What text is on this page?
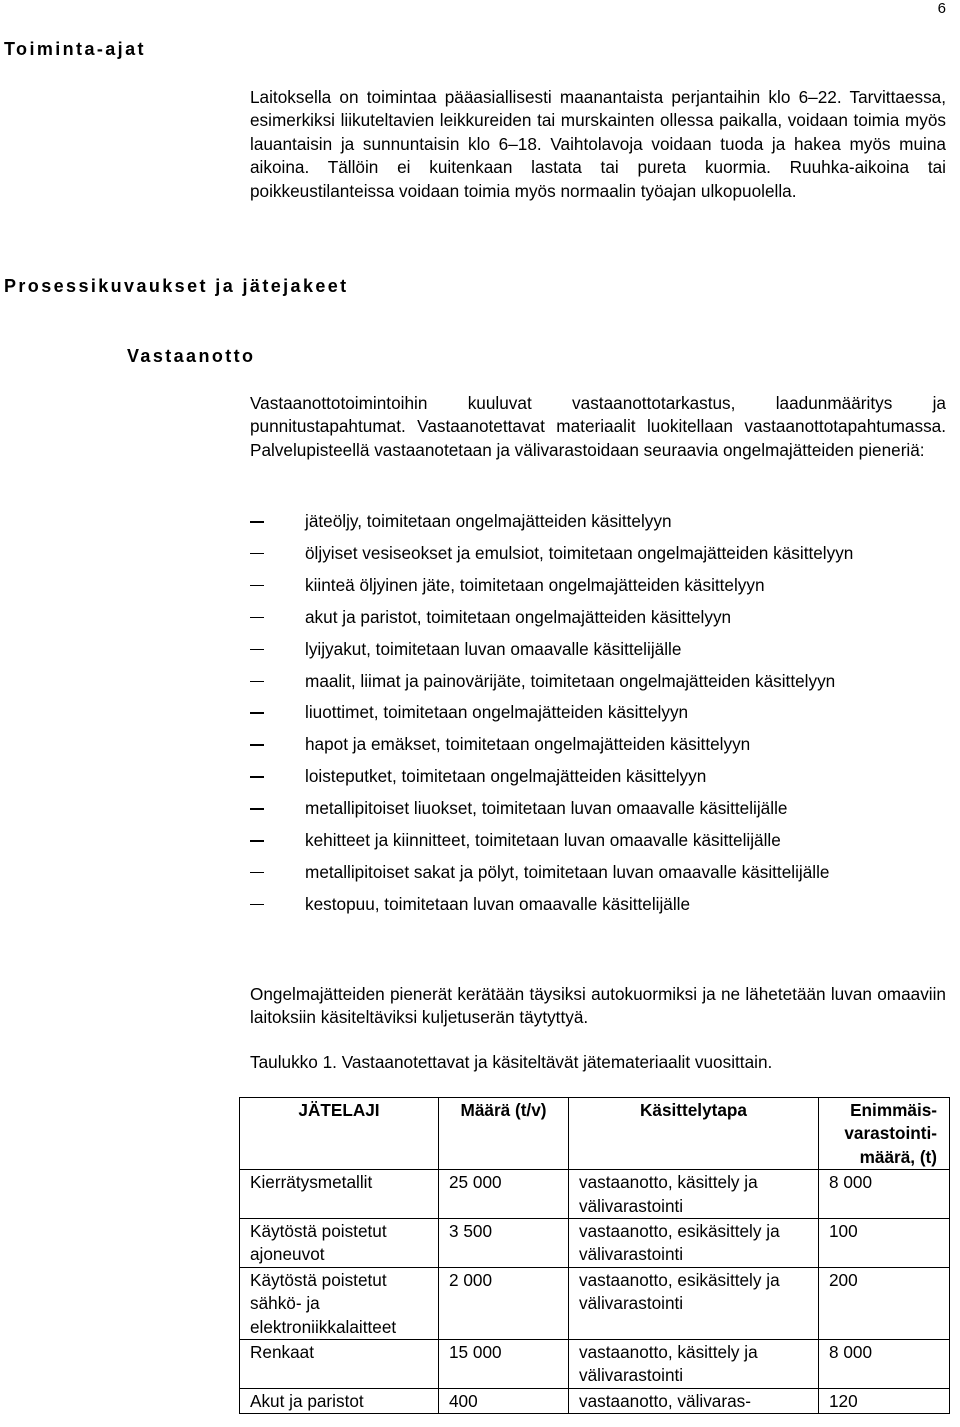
6
Toiminta-ajat
Laitoksella on toimintaa pääasiallisesti maanantaista perjantaihin klo 6–22. Tarvittaessa, esimerkiksi liikuteltavien leikkureiden tai murskainten ollessa paikalla, voidaan toimia myös lauantaisin ja sunnuntaisin klo 6–18. Vaihtolavoja voidaan tuoda ja hakea myös muina aikoina. Tällöin ei kuitenkaan lastata tai pureta kuormia. Ruuhka-aikoina tai poikkeustilanteissa voidaan toimia myös normaalin työajan ulkopuolella.
Prosessikuvaukset ja jätejakeet
Vastaanotto
Vastaanottotoimintoihin kuuluvat vastaanottotarkastus, laadunmääritys ja punnitustapahtumat. Vastaanotettavat materiaalit luokitellaan vastaanottotapahtumassa. Palvelupisteellä vastaanotetaan ja välivarastoidaan seuraavia ongelmajätteiden pieneriä:
jäteöljy, toimitetaan ongelmajätteiden käsittelyyn
öljyiset vesiseokset ja emulsiot, toimitetaan ongelmajätteiden käsittelyyn
kiinteä öljyinen jäte, toimitetaan ongelmajätteiden käsittelyyn
akut ja paristot, toimitetaan ongelmajätteiden käsittelyyn
lyijyakut, toimitetaan luvan omaavalle käsittelijälle
maalit, liimat ja painovärijäte, toimitetaan ongelmajätteiden käsittelyyn
liuottimet, toimitetaan ongelmajätteiden käsittelyyn
hapot ja emäkset, toimitetaan ongelmajätteiden käsittelyyn
loisteputket, toimitetaan ongelmajätteiden käsittelyyn
metallipitoiset liuokset, toimitetaan luvan omaavalle käsittelijälle
kehitteet ja kiinnitteet, toimitetaan luvan omaavalle käsittelijälle
metallipitoiset sakat ja pölyt, toimitetaan luvan omaavalle käsittelijälle
kestopuu, toimitetaan luvan omaavalle käsittelijälle
Ongelmajätteiden pienerät kerätään täysiksi autokuormiksi ja ne lähetetään luvan omaaviin laitoksiin käsiteltäviksi kuljetuserän täytyttyä.
Taulukko 1. Vastaanotettavat ja käsiteltävät jätemateriaalit vuosittain.
JÄTELAJI	Määrä (t/v)	Käsittelytapa	Enimmäis-varastointi-määrä, (t)
Kierrätysmetallit	25 000	vastaanotto, käsittely ja välivarastointi	8 000
Käytöstä poistetut ajoneuvot	3 500	vastaanotto, esikäsittely ja välivarastointi	100
Käytöstä poistetut sähkö- ja elektroniikkalaitteet	2 000	vastaanotto, esikäsittely ja välivarastointi	200
Renkaat	15 000	vastaanotto, käsittely ja välivarastointi	8 000
Akut ja paristot	400	vastaanotto, välivaras-	120
